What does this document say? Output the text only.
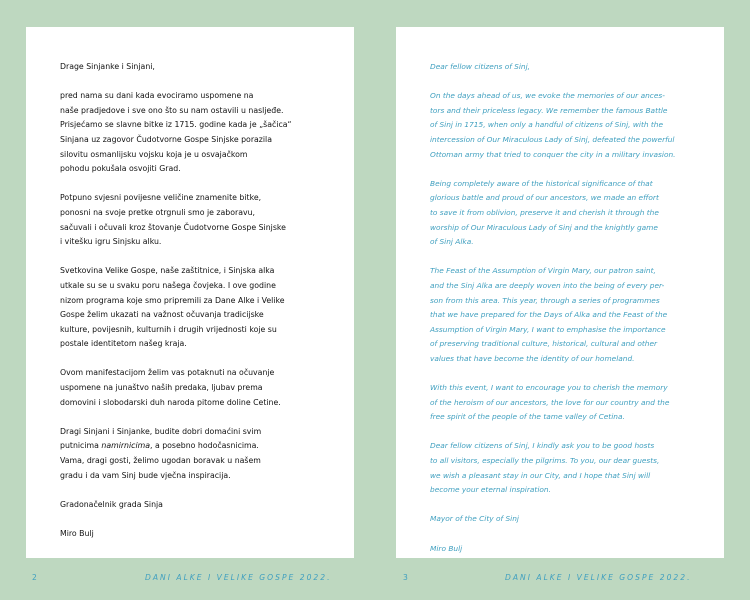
Drage Sinjanke i Sinjani,

pred nama su dani kada evociramo uspomene na
naše pradjedove i sve ono što su nam ostavili u nasljeđe.
Prisjećamo se slavne bitke iz 1715. godine kada je „šačica“
Sinjana uz zagovor Čudotvorne Gospe Sinjske porazila
silovitu osmanlijsku vojsku koja je u osvajačkom
pohodu pokušala osvojiti Grad.

Potpuno svjesni povijesne veličine znamenite bitke,
ponosni na svoje pretke otrgnuli smo je zaboravu,
sačuvali i očuvali kroz štovanje Čudotvorne Gospe Sinjske
i vitešku igru Sinjsku alku.

Svetkovina Velike Gospe, naše zaštitnice, i Sinjska alka
utkale su se u svaku poru našega čovjeka. I ove godine
nizom programa koje smo pripremili za Dane Alke i Velike
Gospe želim ukazati na važnost očuvanja tradicijske
kulture, povijesnih, kulturnih i drugih vrijednosti koje su
postale identitetom našeg kraja.

Ovom manifestacijom želim vas potaknuti na očuvanje
uspomene na junaštvo naših predaka, ljubav prema
domovini i slobodarski duh naroda pitome doline Cetine.

Dragi Sinjani i Sinjanke, budite dobri domaćini svim
putnicima namirnicima, a posebno hodočasnicima.
Vama, dragi gosti, želimo ugodan boravak u našem
gradu i da vam Sinj bude vječna inspiracija.

Gradonačelnik grada Sinja

Miro Bulj

Dear fellow citizens of Sinj,

On the days ahead of us, we evoke the memories of our ances-
tors and their priceless legacy. We remember the famous Battle
of Sinj in 1715, when only a handful of citizens of Sinj, with the
intercession of Our Miraculous Lady of Sinj, defeated the powerful
Ottoman army that tried to conquer the city in a military invasion.

Being completely aware of the historical significance of that
glorious battle and proud of our ancestors, we made an effort
to save it from oblivion, preserve it and cherish it through the
worship of Our Miraculous Lady of Sinj and the knightly game
of Sinj Alka.

The Feast of the Assumption of Virgin Mary, our patron saint,
and the Sinj Alka are deeply woven into the being of every per-
son from this area. This year, through a series of programmes
that we have prepared for the Days of Alka and the Feast of the
Assumption of Virgin Mary, I want to emphasise the importance
of preserving traditional culture, historical, cultural and other
values that have become the identity of our homeland.

With this event, I want to encourage you to cherish the memory
of the heroism of our ancestors, the love for our country and the
free spirit of the people of the tame valley of Cetina.

Dear fellow citizens of Sinj, I kindly ask you to be good hosts
to all visitors, especially the pilgrims. To you, our dear guests,
we wish a pleasant stay in our City, and I hope that Sinj will
become your eternal inspiration.

Mayor of the City of Sinj

Miro Bulj

2	DANI ALKE I VELIKE GOSPE 2022.	3	DANI ALKE I VELIKE GOSPE 2022.
